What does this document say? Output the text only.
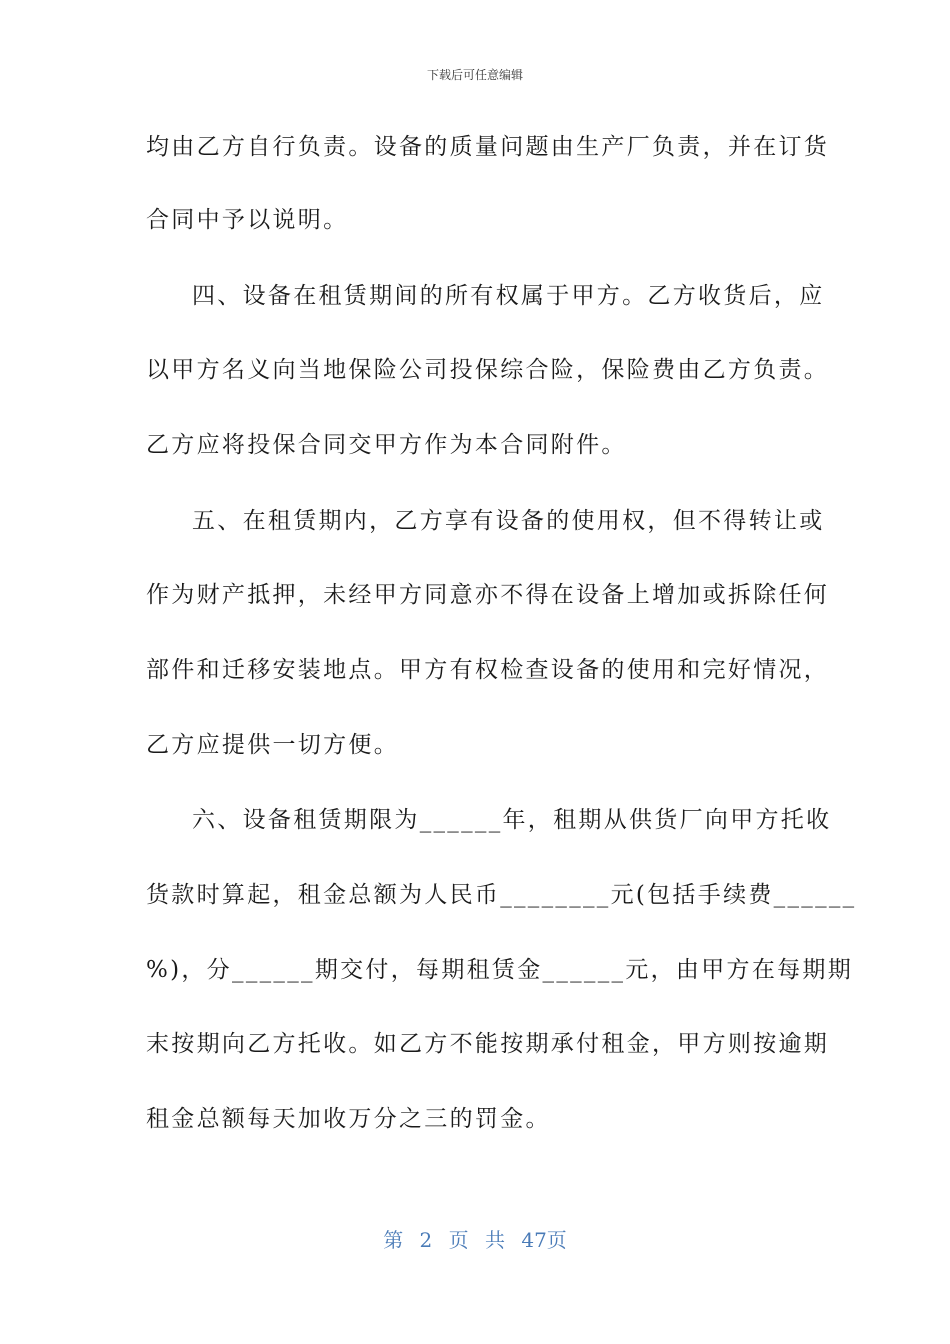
下载后可任意编辑
均由乙方自行负责。设备的质量问题由生产厂负责，并在订货
合同中予以说明。
四、设备在租赁期间的所有权属于甲方。乙方收货后，应
以甲方名义向当地保险公司投保综合险，保险费由乙方负责。
乙方应将投保合同交甲方作为本合同附件。
五、在租赁期内，乙方享有设备的使用权，但不得转让或
作为财产抵押，未经甲方同意亦不得在设备上增加或拆除任何
部件和迁移安装地点。甲方有权检查设备的使用和完好情况，
乙方应提供一切方便。
六、设备租赁期限为______年，租期从供货厂向甲方托收
货款时算起，租金总额为人民币________元(包括手续费______
%)，分______期交付，每期租赁金______元，由甲方在每期期
末按期向乙方托收。如乙方不能按期承付租金，甲方则按逾期
租金总额每天加收万分之三的罚金。
第 2 页 共 47页
